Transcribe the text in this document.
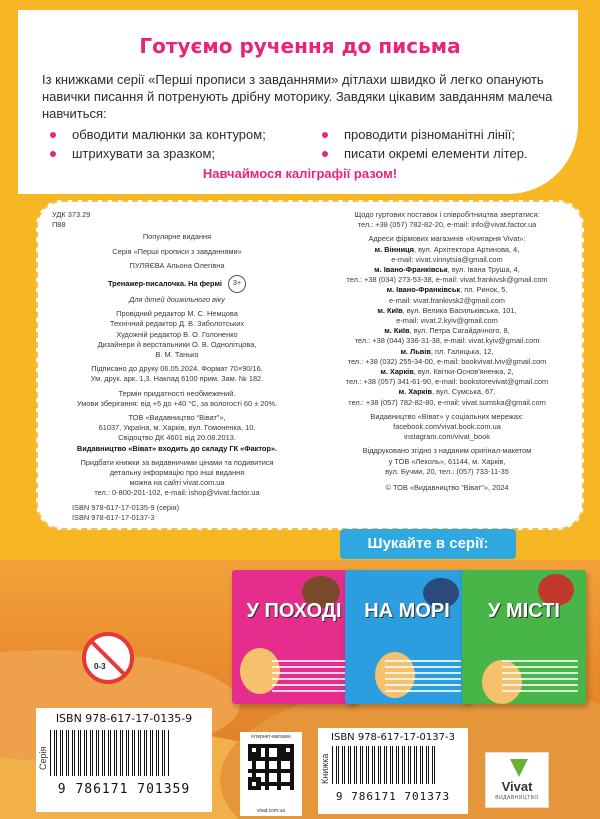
Готуємо ручення до письма
Із книжками серії «Перші прописи з завданнями» дітлахи швидко й легко опанують навички писання й потренують дрібну моторику. Завдяки цікавим завданням малеча навчиться:
обводити малюнки за контуром;
штрихувати за зразком;
проводити різноманітні лінії;
писати окремі елементи літер.
Навчаймося каліграфії разом!
УДК 373.29
П88
Популярне видання
Серія «Перші прописи з завданнями»
ПУЛЯЄВА Альона Олегівна
Тренажер-писалочка. На фермі 3+
Для дітей дошкільного віку
Провідний редактор М. С. Немцова
Технічний редактор Д. В. Заболотських
Художній редактор В. О. Голоненко
Дизайнери й верстальники О. В. Однолітцова,
В. М. Танько
Підписано до друку 06.05.2024. Формат 70×90/16.
Ум. друк. арк. 1,3. Наклад 6100 прим. Зам. № 182.
Термін придатності необмежений.
Умови зберігання: від +5 до +40 °С, за вологості 60 ± 20%.
ТОВ «Видавництво “Віват”»,
61037, Україна, м. Харків, вул. Гомоненка, 10.
Свідоцтво ДК 4601 від 20.08.2013.
Видавництво «Віват» входить до складу ГК «Фактор».
Придбати книжки за видавничими цінами та подивитися
детальну інформацію про інші видання
можна на сайті vivat.com.ua
тел.: 0-800-201-102, e-mail: ishop@vivat.factor.ua
ISBN 978-617-17-0135-9 (серія)
ISBN 978-617-17-0137-3
Щодо гуртових поставок і співробітництва звертатися:
тел.: +38 (057) 782-82-20, e-mail: info@vivat.factor.ua
Адреси фірмових магазинів «Книгарня Vivat»:
м. Вінниця, вул. Архітектора Артинова, 4,
e-mail: vivat.vinnytsia@gmail.com
м. Івано-Франківськ, вул. Івана Труша, 4,
тел.: +38 (034) 273-53-38, e-mail: vivat.frankivsk@gmail.com
м. Івано-Франківськ, пл. Ринок, 5,
e-mail: vivat.frankivsk2@gmail.com
м. Київ, вул. Велика Васильківська, 101,
e-mail: vivat.2.kyiv@gmail.com
м. Київ, вул. Петра Сагайдачного, 8,
тел.: +38 (044) 336-31-38, e-mail: vivat.kyiv@gmail.com
м. Львів, пл. Галицька, 12,
тел.: +38 (032) 255-34-00, e-mail: bookvivat.lviv@gmail.com
м. Харків, вул. Квітки-Основ'яненка, 2,
тел.: +38 (057) 341-61-90, e-mail: bookstorevivat@gmail.com
м. Харків, вул. Сумська, 67,
тел.: +38 (057) 782-82-80, e-mail: vivat.sumska@gmail.com
Видавництво «Віват» у соціальних мережах:
facebook.com/vivat.book.com.ua
instagram.com/vivat_book
Віддруковано згідно з наданим оригінал-макетом
у ТОВ «Леколь», 61144, м. Харків,
вул. Бучми, 20, тел.: (057) 733-11-35
© ТОВ «Видавництво “Віват”», 2024
Шукайте в серії:
У ПОХОДІ	НА МОРІ	У МІСТІ
0-3
ISBN 978-617-17-0135-9
9 786171 701359
Серія
інтернет-магазин
vivat.com.ua
ISBN 978-617-17-0137-3
9 786171 701373
Книжка
Vivat
ВИДАВНИЦТВО
